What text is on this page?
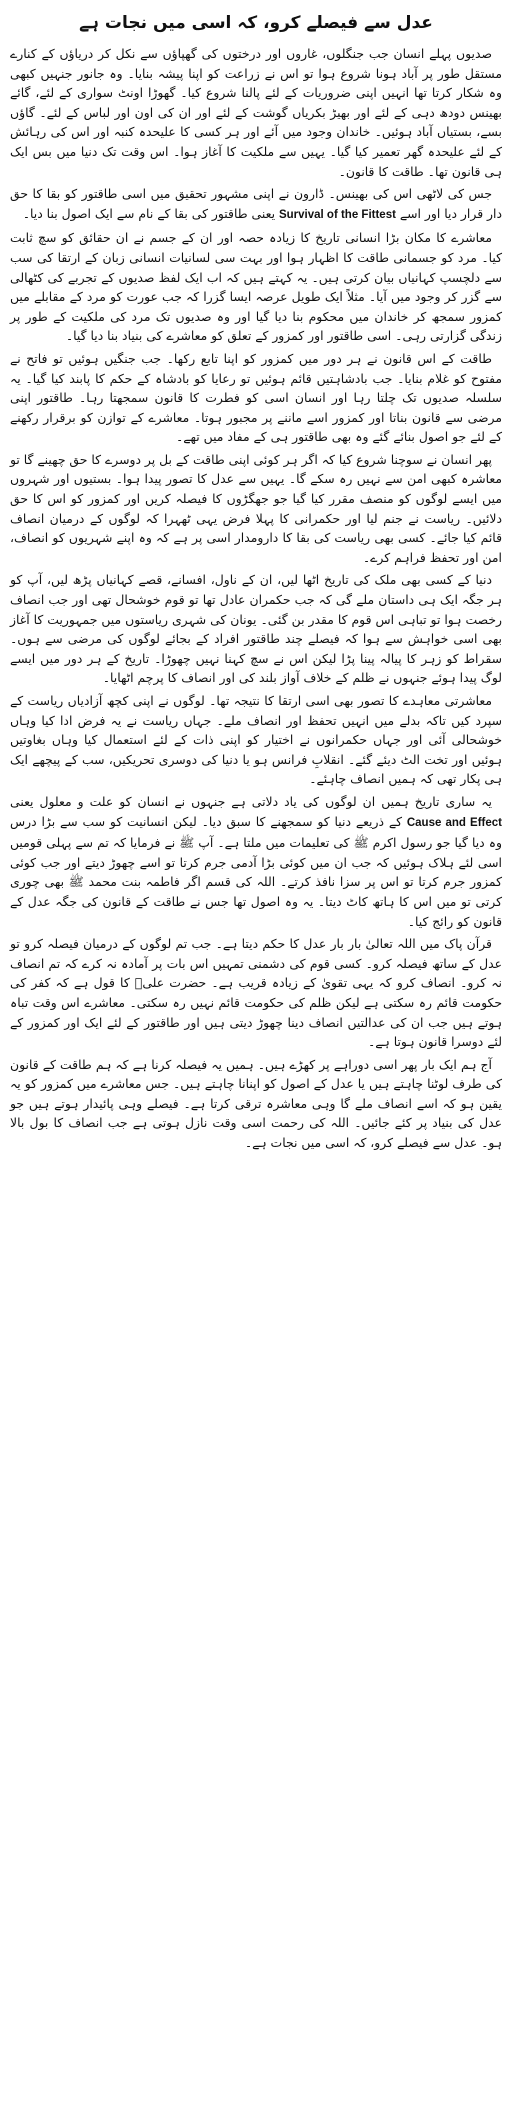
عدل سے فیصلے کرو، کہ اسی میں نجات ہے

صدیوں پہلے انسان جب جنگلوں، غاروں اور درختوں کی گھپاؤں سے نکل کر دریاؤں کے کنارے مستقل طور پر آباد ہونا شروع ہوا تو اس نے زراعت کو اپنا پیشہ بنایا۔ وہ جانور جنہیں کبھی وہ شکار کرتا تھا انہیں اپنی ضروریات کے لئے پالنا شروع کیا۔ گھوڑا اونٹ سواری کے لئے، گائے بھینس دودھ دہی کے لئے اور بھیڑ بکریاں گوشت کے لئے اور ان کی اون اور لباس کے لئے۔ گاؤں بسے، بستیاں آباد ہوئیں۔ خاندان وجود میں آئے اور ہر کسی کا علیحدہ کنبہ اور اس کی رہائش کے لئے علیحدہ گھر تعمیر کیا گیا۔ یہیں سے ملکیت کا آغاز ہوا۔ اس وقت تک دنیا میں بس ایک ہی قانون تھا۔ طاقت کا قانون۔

جس کی لاٹھی اس کی بھینس۔ ڈارون نے اپنی مشہور تحقیق میں اسی طاقتور کو بقا کا حق دار قرار دیا اور اسے Survival of the Fittest یعنی طاقتور کی بقا کے نام سے ایک اصول بنا دیا۔

معاشرے کا مکان بڑا انسانی تاریخ کا زیادہ حصہ اور ان کے جسم نے ان حقائق کو سچ ثابت کیا۔ مرد کو جسمانی طاقت کا اظہار ہوا اور بہت سی لسانیات انسانی زبان کے ارتقا کی سب سے دلچسپ کہانیاں بیان کرتی ہیں۔ یہ کہتے ہیں کہ اب ایک لفظ صدیوں کے تجربے کی کٹھالی سے گزر کر وجود میں آیا۔ مثلاً ایک طویل عرصہ ایسا گزرا کہ جب عورت کو مرد کے مقابلے میں کمزور سمجھ کر خاندان میں محکوم بنا دیا گیا اور وہ صدیوں تک مرد کی ملکیت کے طور پر زندگی گزارتی رہی۔ اسی طاقتور اور کمزور کے تعلق کو معاشرے کی بنیاد بنا دیا گیا۔

طاقت کے اس قانون نے ہر دور میں کمزور کو اپنا تابع رکھا۔ جب جنگیں ہوئیں تو فاتح نے مفتوح کو غلام بنایا۔ جب بادشاہتیں قائم ہوئیں تو رعایا کو بادشاہ کے حکم کا پابند کیا گیا۔ یہ سلسلہ صدیوں تک چلتا رہا اور انسان اسی کو فطرت کا قانون سمجھتا رہا۔ طاقتور اپنی مرضی سے قانون بناتا اور کمزور اسے ماننے پر مجبور ہوتا۔ معاشرے کے توازن کو برقرار رکھنے کے لئے جو اصول بنائے گئے وہ بھی طاقتور ہی کے مفاد میں تھے۔

پھر انسان نے سوچنا شروع کیا کہ اگر ہر کوئی اپنی طاقت کے بل پر دوسرے کا حق چھینے گا تو معاشرہ کبھی امن سے نہیں رہ سکے گا۔ یہیں سے عدل کا تصور پیدا ہوا۔ بستیوں اور شہروں میں ایسے لوگوں کو منصف مقرر کیا گیا جو جھگڑوں کا فیصلہ کریں اور کمزور کو اس کا حق دلائیں۔ ریاست نے جنم لیا اور حکمرانی کا پہلا فرض یہی ٹھہرا کہ لوگوں کے درمیان انصاف قائم کیا جائے۔ کسی بھی ریاست کی بقا کا دارومدار اسی پر ہے کہ وہ اپنے شہریوں کو انصاف، امن اور تحفظ فراہم کرے۔

دنیا کے کسی بھی ملک کی تاریخ اٹھا لیں، ان کے ناول، افسانے، قصے کہانیاں پڑھ لیں، آپ کو ہر جگہ ایک ہی داستان ملے گی کہ جب حکمران عادل تھا تو قوم خوشحال تھی اور جب انصاف رخصت ہوا تو تباہی اس قوم کا مقدر بن گئی۔ یونان کی شہری ریاستوں میں جمہوریت کا آغاز بھی اسی خواہش سے ہوا کہ فیصلے چند طاقتور افراد کے بجائے لوگوں کی مرضی سے ہوں۔ سقراط کو زہر کا پیالہ پینا پڑا لیکن اس نے سچ کہنا نہیں چھوڑا۔ تاریخ کے ہر دور میں ایسے لوگ پیدا ہوئے جنہوں نے ظلم کے خلاف آواز بلند کی اور انصاف کا پرچم اٹھایا۔

معاشرتی معاہدے کا تصور بھی اسی ارتقا کا نتیجہ تھا۔ لوگوں نے اپنی کچھ آزادیاں ریاست کے سپرد کیں تاکہ بدلے میں انہیں تحفظ اور انصاف ملے۔ جہاں ریاست نے یہ فرض ادا کیا وہاں خوشحالی آئی اور جہاں حکمرانوں نے اختیار کو اپنی ذات کے لئے استعمال کیا وہاں بغاوتیں ہوئیں اور تخت الٹ دیئے گئے۔ انقلابِ فرانس ہو یا دنیا کی دوسری تحریکیں، سب کے پیچھے ایک ہی پکار تھی کہ ہمیں انصاف چاہئے۔

یہ ساری تاریخ ہمیں ان لوگوں کی یاد دلاتی ہے جنہوں نے انسان کو علت و معلول یعنی Cause and Effect کے ذریعے دنیا کو سمجھنے کا سبق دیا۔ لیکن انسانیت کو سب سے بڑا درس وہ دیا گیا جو رسول اکرم ﷺ کی تعلیمات میں ملتا ہے۔ آپ ﷺ نے فرمایا کہ تم سے پہلی قومیں اسی لئے ہلاک ہوئیں کہ جب ان میں کوئی بڑا آدمی جرم کرتا تو اسے چھوڑ دیتے اور جب کوئی کمزور جرم کرتا تو اس پر سزا نافذ کرتے۔ اللہ کی قسم اگر فاطمہ بنت محمد ﷺ بھی چوری کرتی تو میں اس کا ہاتھ کاٹ دیتا۔ یہ وہ اصول تھا جس نے طاقت کے قانون کی جگہ عدل کے قانون کو رائج کیا۔

قرآن پاک میں اللہ تعالیٰ بار بار عدل کا حکم دیتا ہے۔ جب تم لوگوں کے درمیان فیصلہ کرو تو عدل کے ساتھ فیصلہ کرو۔ کسی قوم کی دشمنی تمہیں اس بات پر آمادہ نہ کرے کہ تم انصاف نہ کرو۔ انصاف کرو کہ یہی تقویٰ کے زیادہ قریب ہے۔ حضرت علیؓ کا قول ہے کہ کفر کی حکومت قائم رہ سکتی ہے لیکن ظلم کی حکومت قائم نہیں رہ سکتی۔ معاشرے اس وقت تباہ ہوتے ہیں جب ان کی عدالتیں انصاف دینا چھوڑ دیتی ہیں اور طاقتور کے لئے ایک اور کمزور کے لئے دوسرا قانون ہوتا ہے۔

آج ہم ایک بار پھر اسی دوراہے پر کھڑے ہیں۔ ہمیں یہ فیصلہ کرنا ہے کہ ہم طاقت کے قانون کی طرف لوٹنا چاہتے ہیں یا عدل کے اصول کو اپنانا چاہتے ہیں۔ جس معاشرے میں کمزور کو یہ یقین ہو کہ اسے انصاف ملے گا وہی معاشرہ ترقی کرتا ہے۔ فیصلے وہی پائیدار ہوتے ہیں جو عدل کی بنیاد پر کئے جائیں۔ اللہ کی رحمت اسی وقت نازل ہوتی ہے جب انصاف کا بول بالا ہو۔ عدل سے فیصلے کرو، کہ اسی میں نجات ہے۔
